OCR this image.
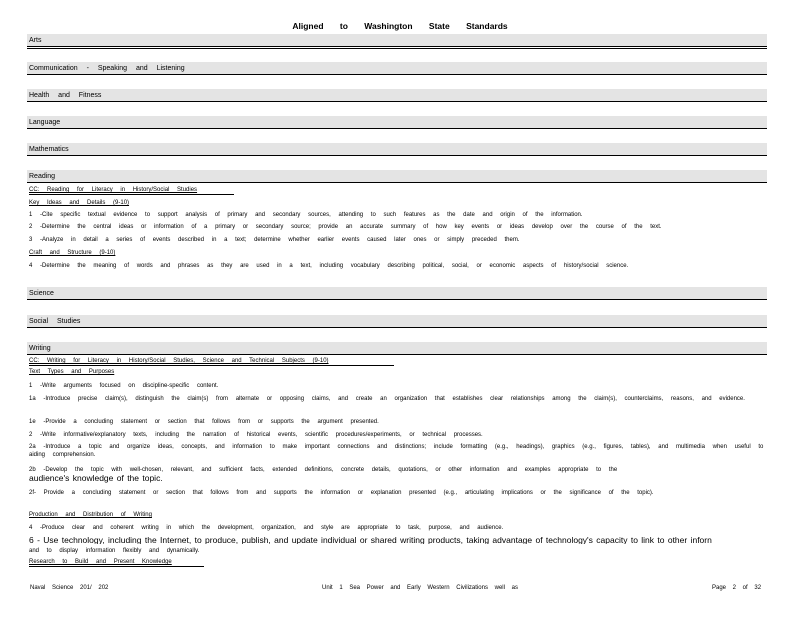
Aligned to Washington State Standards
Arts
Communication - Speaking and Listening
Health and Fitness
Language
Mathematics
Reading
CC: Reading for Literacy in History/Social Studies
Key Ideas and Details (9-10)
1 -Cite specific textual evidence to support analysis of primary and secondary sources, attending to such features as the date and origin of the information.
2 -Determine the central ideas or information of a primary or secondary source; provide an accurate summary of how key events or ideas develop over the course of the text.
3 -Analyze in detail a series of events described in a text; determine whether earlier events caused later ones or simply preceded them.
Craft and Structure (9-10)
4 -Determine the meaning of words and phrases as they are used in a text, including vocabulary describing political, social, or economic aspects of history/social science.
Science
Social Studies
Writing
CC: Writing for Literacy in History/Social Studies, Science and Technical Subjects (9-10)
Text Types and Purposes
1 -Write arguments focused on discipline-specific content.
1a -Introduce precise claim(s), distinguish the claim(s) from alternate or opposing claims, and create an organization that establishes clear relationships among the claim(s), counterclaims, reasons, and evidence.
1e -Provide a concluding statement or section that follows from or supports the argument presented.
2 -Write informative/explanatory texts, including the narration of historical events, scientific procedures/experiments, or technical processes.
2a -Introduce a topic and organize ideas, concepts, and information to make important connections and distinctions; include formatting (e.g., headings), graphics (e.g., figures, tables), and multimedia when useful to aiding comprehension.
2b -Develop the topic with well-chosen, relevant, and sufficient facts, extended definitions, concrete details, quotations, or other information and examples appropriate to the
audience's knowledge of the topic.
2f- Provide a concluding statement or section that follows from and supports the information or explanation presented (e.g., articulating implications or the significance of the topic).
Production and Distribution of Writing
4 -Produce clear and coherent writing in which the development, organization, and style are appropriate to task, purpose, and audience.
6 - Use technology, including the Internet, to produce, publish, and update individual or shared writing products, taking advantage of technology's capacity to link to other inforn
and to display information flexibly and dynamically.
Research to Build and Present Knowledge
Naval Science 201/ 202	Unit 1 Sea Power and Early Western Civilizations well as	Page 2 of 32
